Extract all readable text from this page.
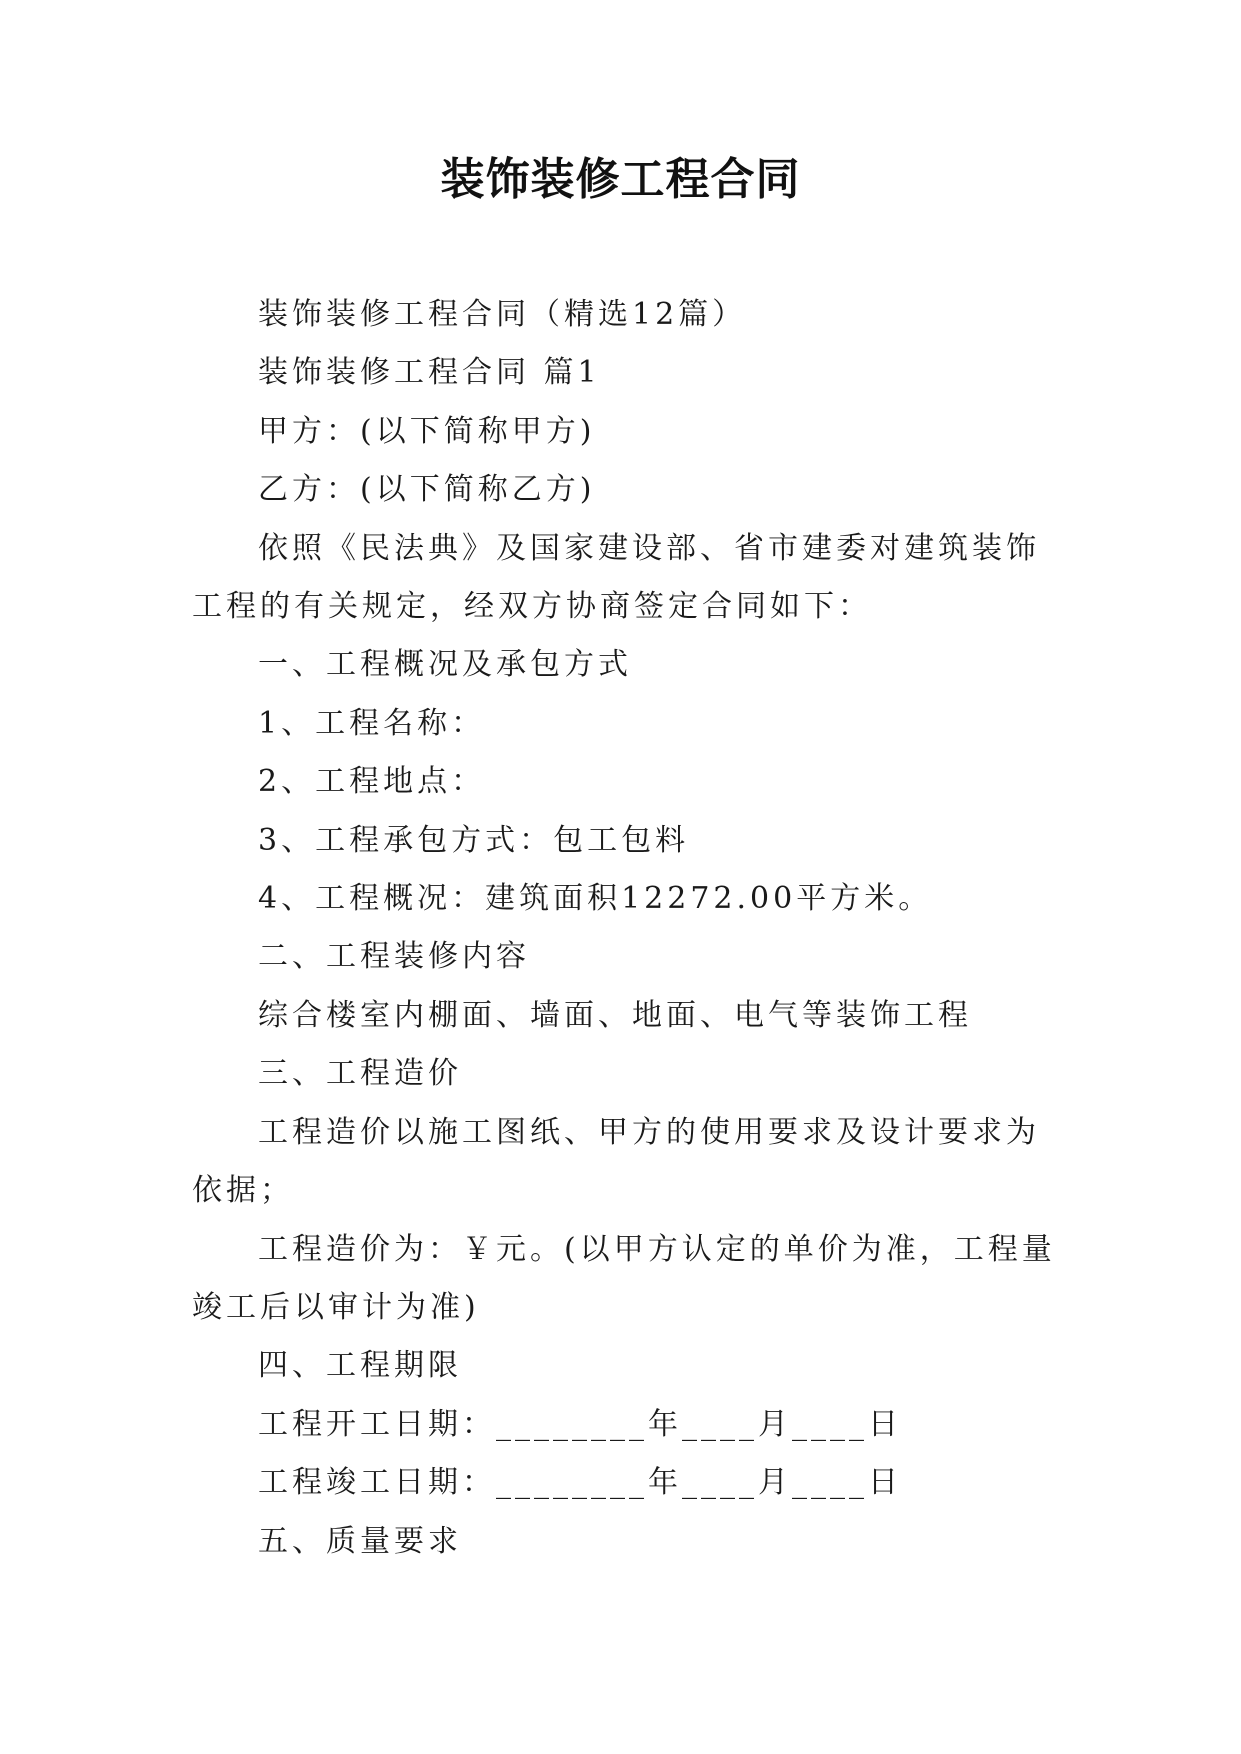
装饰装修工程合同

装饰装修工程合同（精选12篇）

装饰装修工程合同 篇1

甲方：(以下简称甲方)

乙方：(以下简称乙方)

依照《民法典》及国家建设部、省市建委对建筑装饰工程的有关规定，经双方协商签定合同如下：

一、工程概况及承包方式

1、工程名称：

2、工程地点：

3、工程承包方式：包工包料

4、工程概况：建筑面积12272.00平方米。

二、工程装修内容

综合楼室内棚面、墙面、地面、电气等装饰工程

三、工程造价

工程造价以施工图纸、甲方的使用要求及设计要求为依据；

工程造价为：￥元。(以甲方认定的单价为准，工程量竣工后以审计为准)

四、工程期限

工程开工日期：________年____月____日

工程竣工日期：________年____月____日

五、质量要求
